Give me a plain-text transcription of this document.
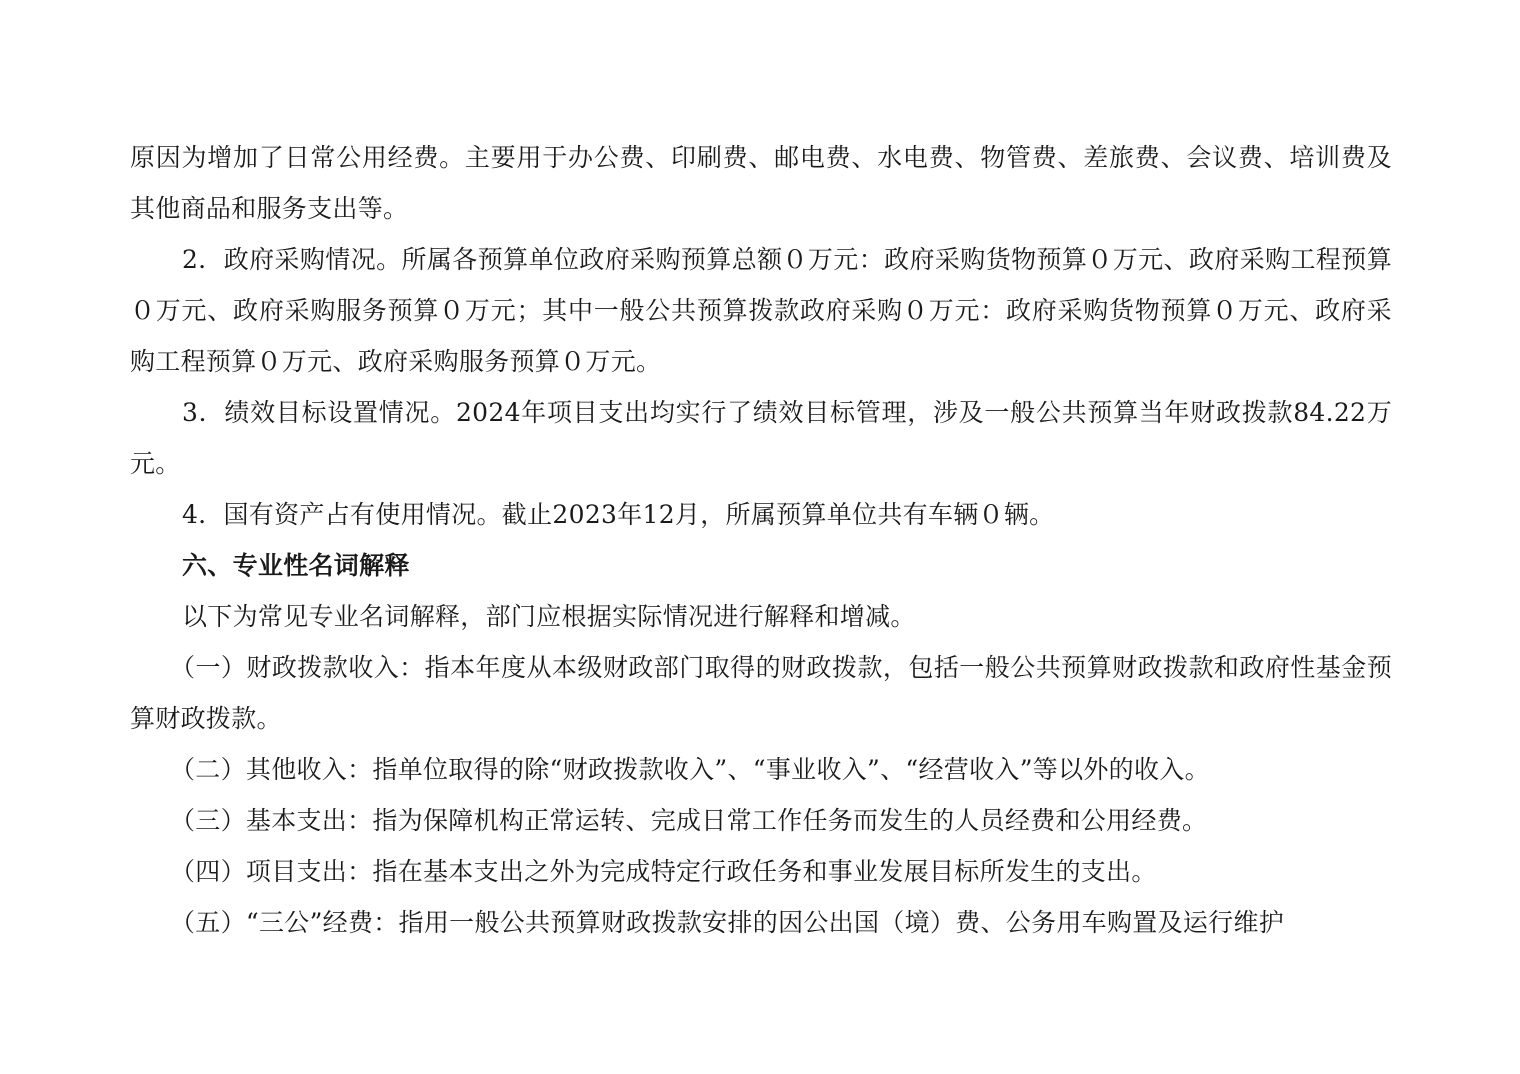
原因为增加了日常公用经费。主要用于办公费、印刷费、邮电费、水电费、物管费、差旅费、会议费、培训费及其他商品和服务支出等。

2．政府采购情况。所属各预算单位政府采购预算总额０万元：政府采购货物预算０万元、政府采购工程预算０万元、政府采购服务预算０万元；其中一般公共预算拨款政府采购０万元：政府采购货物预算０万元、政府采购工程预算０万元、政府采购服务预算０万元。

3．绩效目标设置情况。2024年项目支出均实行了绩效目标管理，涉及一般公共预算当年财政拨款84.22万元。

4．国有资产占有使用情况。截止2023年12月，所属预算单位共有车辆０辆。

六、专业性名词解释

以下为常见专业名词解释，部门应根据实际情况进行解释和增减。

（一）财政拨款收入：指本年度从本级财政部门取得的财政拨款，包括一般公共预算财政拨款和政府性基金预算财政拨款。

（二）其他收入：指单位取得的除“财政拨款收入”、“事业收入”、“经营收入”等以外的收入。

（三）基本支出：指为保障机构正常运转、完成日常工作任务而发生的人员经费和公用经费。

（四）项目支出：指在基本支出之外为完成特定行政任务和事业发展目标所发生的支出。

（五）“三公”经费：指用一般公共预算财政拨款安排的因公出国（境）费、公务用车购置及运行维护
